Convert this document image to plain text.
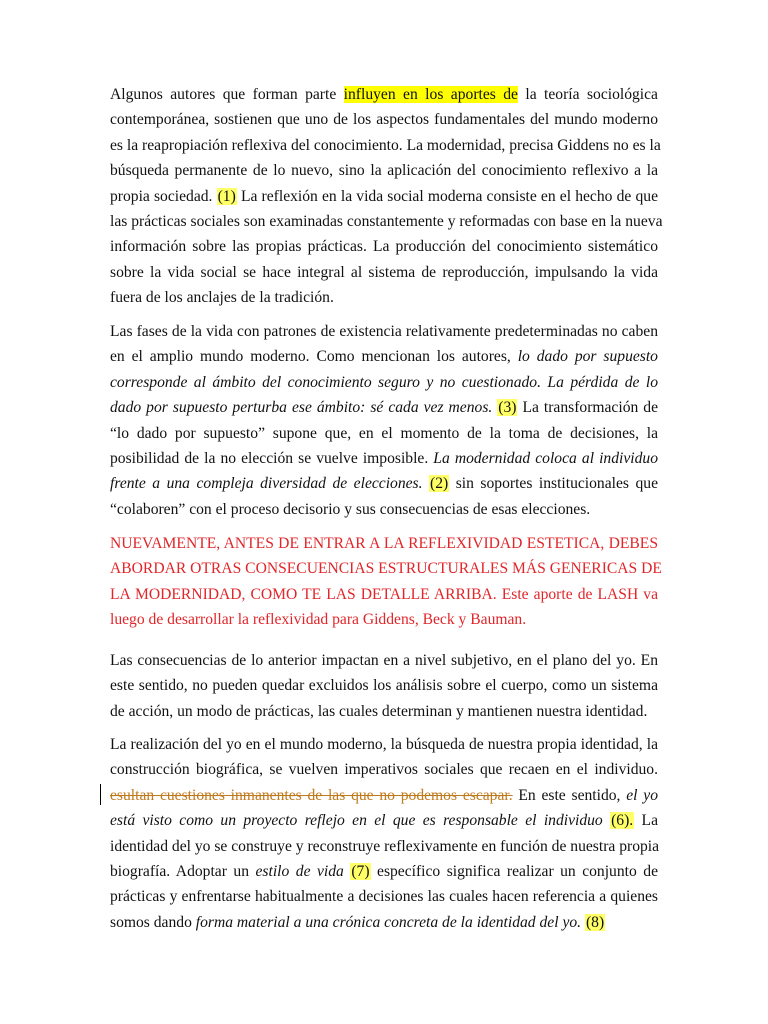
Algunos autores que forman parte influyen en los aportes de la teoría sociológica
contemporánea, sostienen que uno de los aspectos fundamentales del mundo moderno
es la reapropiación reflexiva del conocimiento. La modernidad, precisa Giddens no es la
búsqueda permanente de lo nuevo, sino la aplicación del conocimiento reflexivo a la
propia sociedad. (1) La reflexión en la vida social moderna consiste en el hecho de que
las prácticas sociales son examinadas constantemente y reformadas con base en la nueva
información sobre las propias prácticas. La producción del conocimiento sistemático
sobre la vida social se hace integral al sistema de reproducción, impulsando la vida
fuera de los anclajes de la tradición.
Las fases de la vida con patrones de existencia relativamente predeterminadas no caben
en el amplio mundo moderno. Como mencionan los autores, lo dado por supuesto
corresponde al ámbito del conocimiento seguro y no cuestionado. La pérdida de lo
dado por supuesto perturba ese ámbito: sé cada vez menos. (3) La transformación de
“lo dado por supuesto” supone que, en el momento de la toma de decisiones, la
posibilidad de la no elección se vuelve imposible. La modernidad coloca al individuo
frente a una compleja diversidad de elecciones. (2) sin soportes institucionales que
“colaboren” con el proceso decisorio y sus consecuencias de esas elecciones.
NUEVAMENTE, ANTES DE ENTRAR A LA REFLEXIVIDAD ESTETICA, DEBES
ABORDAR OTRAS CONSECUENCIAS ESTRUCTURALES MÁS GENERICAS DE
LA MODERNIDAD, COMO TE LAS DETALLE ARRIBA. Este aporte de LASH va
luego de desarrollar la reflexividad para Giddens, Beck y Bauman.
Las consecuencias de lo anterior impactan en a nivel subjetivo, en el plano del yo. En
este sentido, no pueden quedar excluidos los análisis sobre el cuerpo, como un sistema
de acción, un modo de prácticas, las cuales determinan y mantienen nuestra identidad.
La realización del yo en el mundo moderno, la búsqueda de nuestra propia identidad, la
construcción biográfica, se vuelven imperativos sociales que recaen en el individuo.
esultan cuestiones inmanentes de las que no podemos escapar. En este sentido, el yo
está visto como un proyecto reflejo en el que es responsable el individuo (6). La
identidad del yo se construye y reconstruye reflexivamente en función de nuestra propia
biografía. Adoptar un estilo de vida (7) específico significa realizar un conjunto de
prácticas y enfrentarse habitualmente a decisiones las cuales hacen referencia a quienes
somos dando forma material a una crónica concreta de la identidad del yo. (8)
